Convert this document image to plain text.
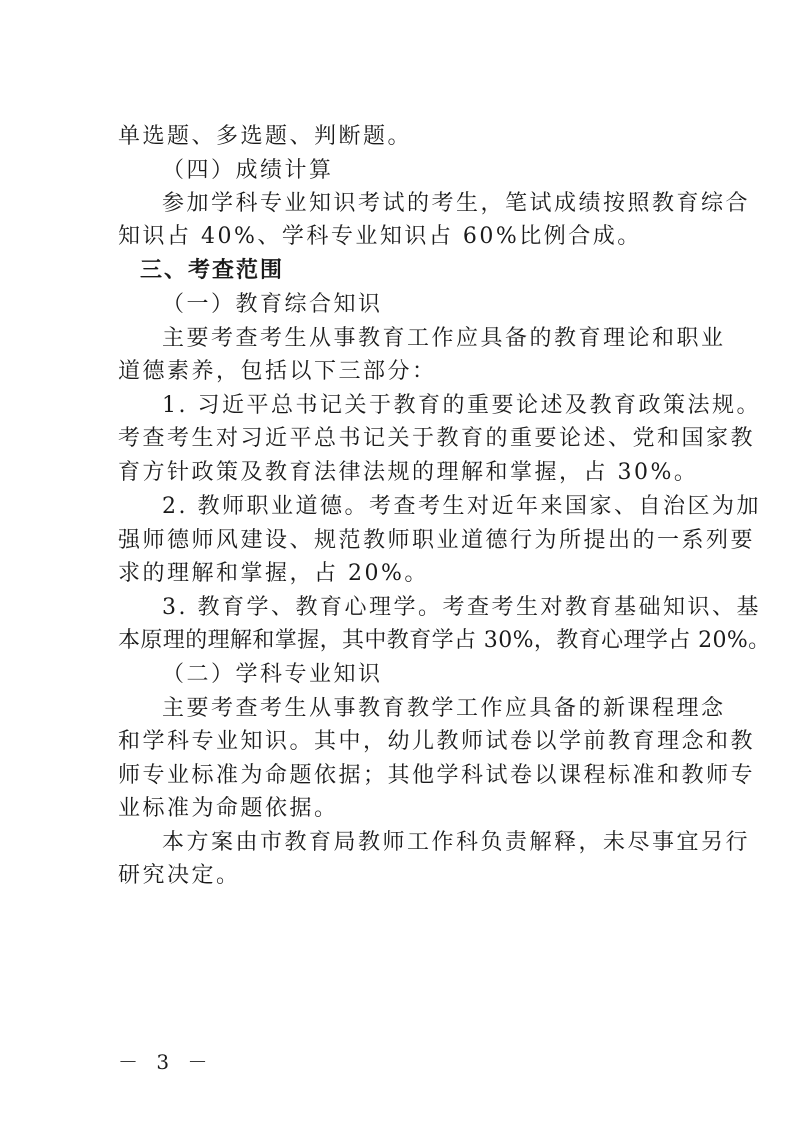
单选题、多选题、判断题。
（四）成绩计算
参加学科专业知识考试的考生，笔试成绩按照教育综合
知识占 40%、学科专业知识占 60%比例合成。
三、考查范围
（一）教育综合知识
主要考查考生从事教育工作应具备的教育理论和职业
道德素养，包括以下三部分：
1. 习近平总书记关于教育的重要论述及教育政策法规。
考查考生对习近平总书记关于教育的重要论述、党和国家教
育方针政策及教育法律法规的理解和掌握，占 30%。
2. 教师职业道德。考查考生对近年来国家、自治区为加
强师德师风建设、规范教师职业道德行为所提出的一系列要
求的理解和掌握，占 20%。
3. 教育学、教育心理学。考查考生对教育基础知识、基
本原理的理解和掌握，其中教育学占 30%，教育心理学占 20%。
（二）学科专业知识
主要考查考生从事教育教学工作应具备的新课程理念
和学科专业知识。其中，幼儿教师试卷以学前教育理念和教
师专业标准为命题依据；其他学科试卷以课程标准和教师专
业标准为命题依据。
本方案由市教育局教师工作科负责解释，未尽事宜另行
研究决定。
－ 3 －
